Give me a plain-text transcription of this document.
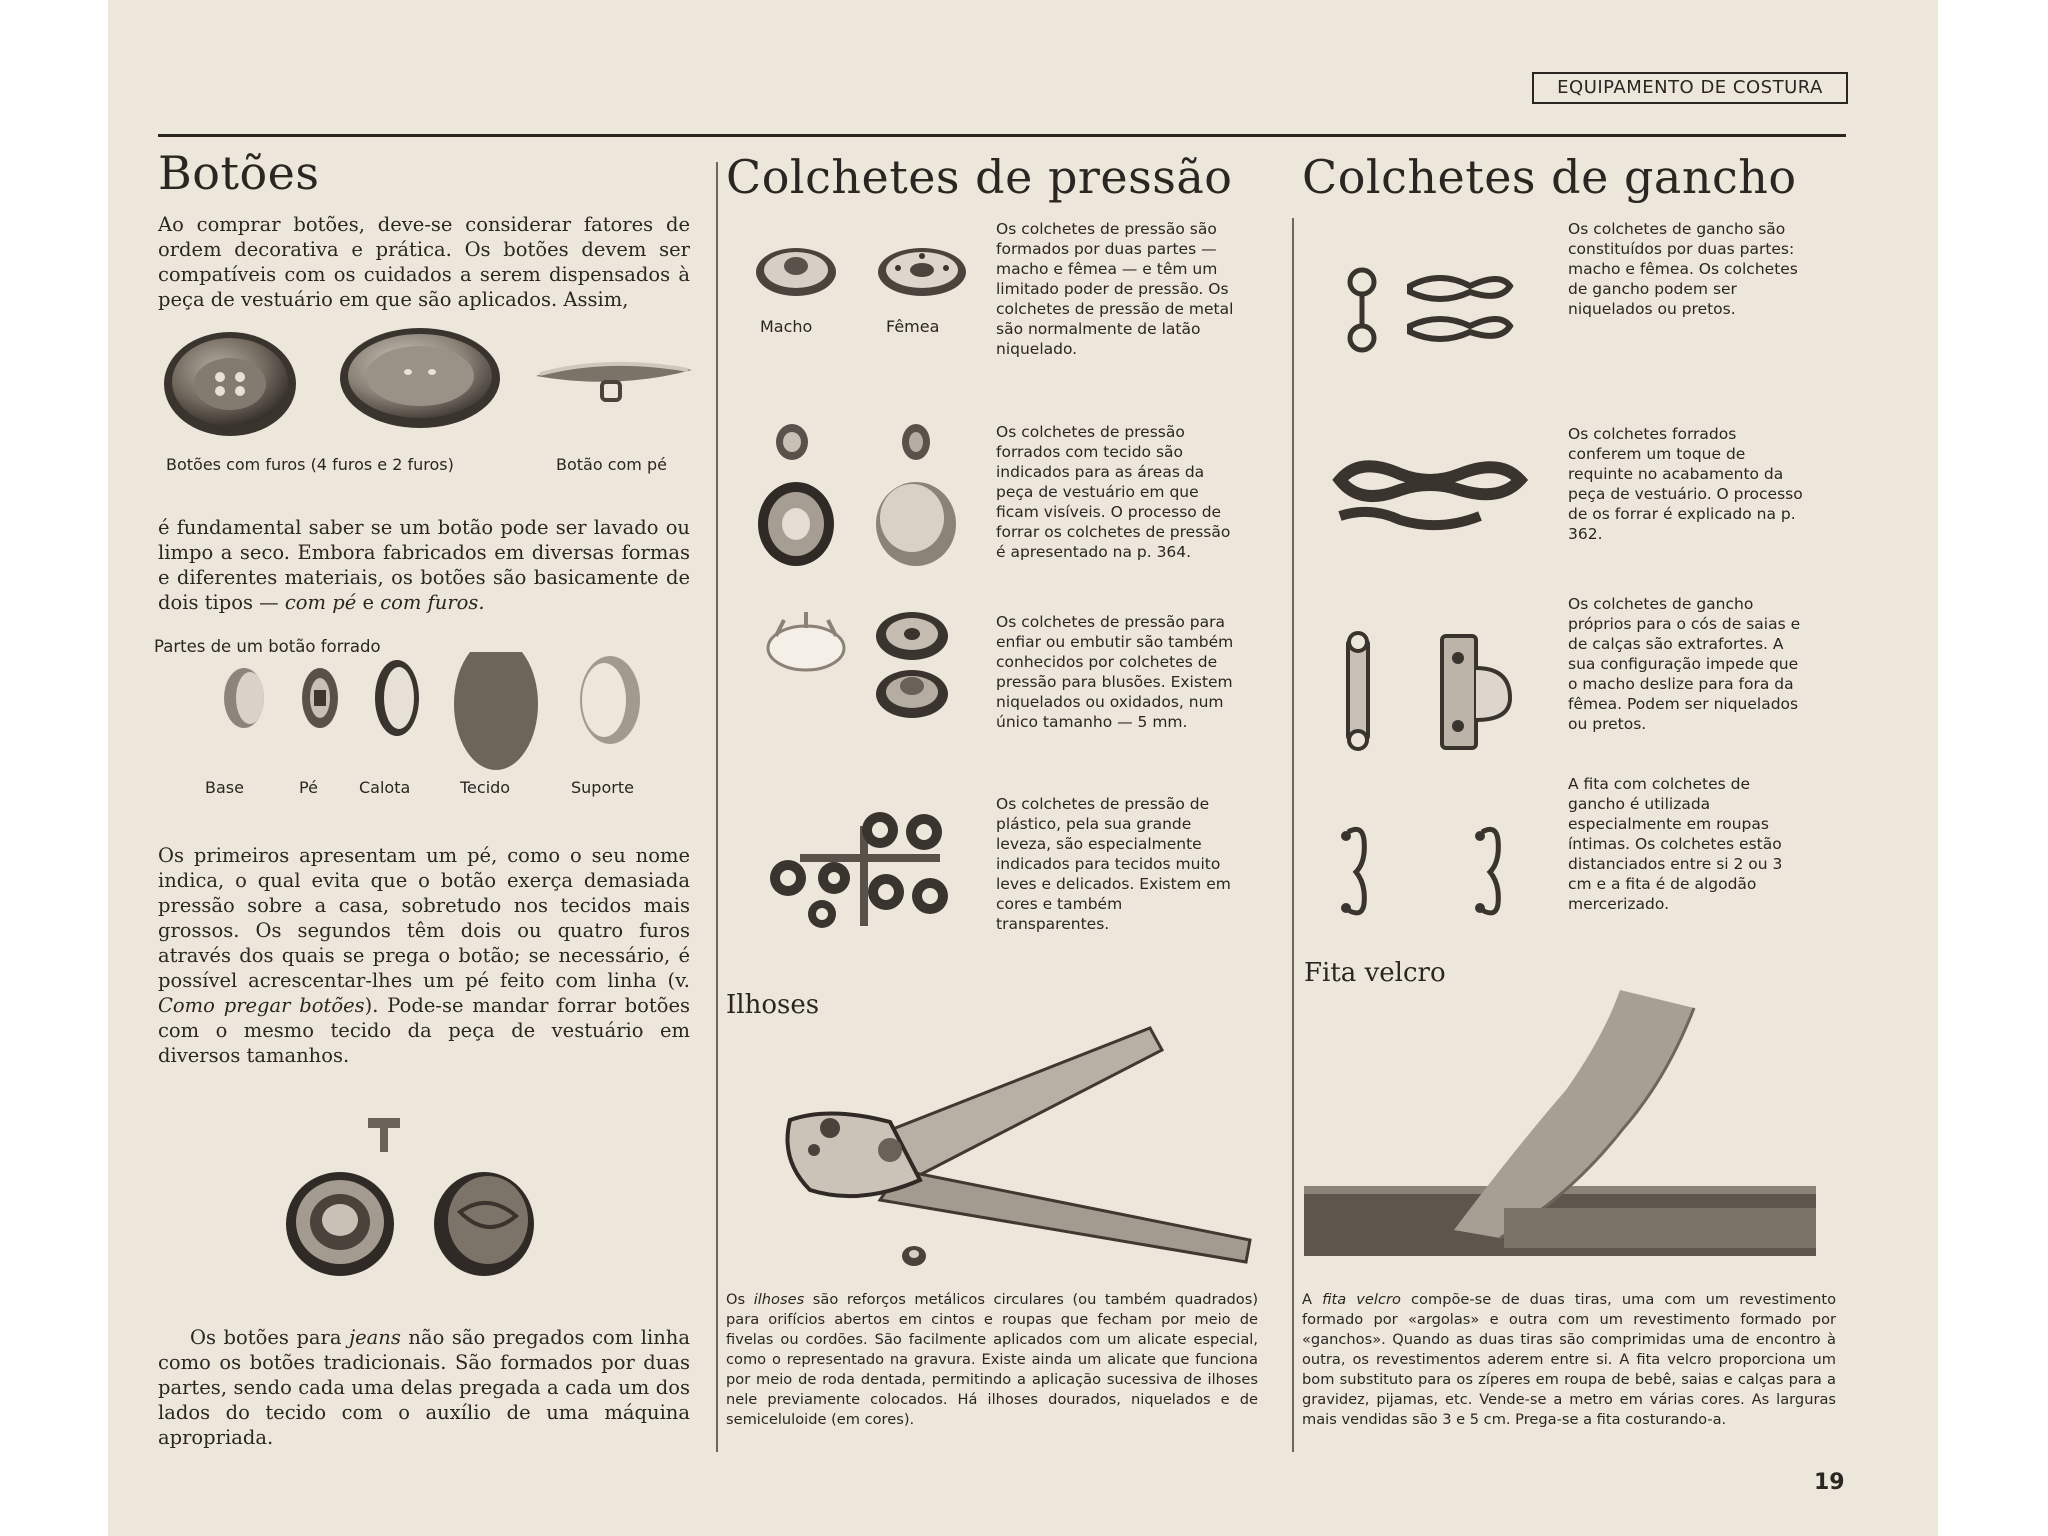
EQUIPAMENTO DE COSTURA
Botões
Ao comprar botões, deve-se considerar fatores de ordem decorativa e prática. Os botões devem ser compatíveis com os cuidados a serem dispensados à peça de vestuário em que são aplicados. Assim,
Botões com furos (4 furos e 2 furos)	Botão com pé
é fundamental saber se um botão pode ser lavado ou limpo a seco. Embora fabricados em diversas formas e diferentes materiais, os botões são basicamente de dois tipos — com pé e com furos.
Partes de um botão forrado
Base	Pé	Calota	Tecido	Suporte
Os primeiros apresentam um pé, como o seu nome indica, o qual evita que o botão exerça demasiada pressão sobre a casa, sobretudo nos tecidos mais grossos. Os segundos têm dois ou quatro furos através dos quais se prega o botão; se necessário, é possível acrescentar-lhes um pé feito com linha (v. Como pregar botões). Pode-se mandar forrar botões com o mesmo tecido da peça de vestuário em diversos tamanhos.
Os botões para jeans não são pregados com linha como os botões tradicionais. São formados por duas partes, sendo cada uma delas pregada a cada um dos lados do tecido com o auxílio de uma máquina apropriada.
Colchetes de pressão
Macho	Fêmea
Os colchetes de pressão são formados por duas partes — macho e fêmea — e têm um limitado poder de pressão. Os colchetes de pressão de metal são normalmente de latão niquelado.
Os colchetes de pressão forrados com tecido são indicados para as áreas da peça de vestuário em que ficam visíveis. O processo de forrar os colchetes de pressão é apresentado na p. 364.
Os colchetes de pressão para enfiar ou embutir são também conhecidos por colchetes de pressão para blusões. Existem niquelados ou oxidados, num único tamanho — 5 mm.
Os colchetes de pressão de plástico, pela sua grande leveza, são especialmente indicados para tecidos muito leves e delicados. Existem em cores e também transparentes.
Ilhoses
Os ilhoses são reforços metálicos circulares (ou também quadrados) para orifícios abertos em cintos e roupas que fecham por meio de fivelas ou cordões. São facilmente aplicados com um alicate especial, como o representado na gravura. Existe ainda um alicate que funciona por meio de roda dentada, permitindo a aplicação sucessiva de ilhoses nele previamente colocados. Há ilhoses dourados, niquelados e de semiceluloide (em cores).
Colchetes de gancho
Os colchetes de gancho são constituídos por duas partes: macho e fêmea. Os colchetes de gancho podem ser niquelados ou pretos.
Os colchetes forrados conferem um toque de requinte no acabamento da peça de vestuário. O processo de os forrar é explicado na p. 362.
Os colchetes de gancho próprios para o cós de saias e de calças são extrafortes. A sua configuração impede que o macho deslize para fora da fêmea. Podem ser niquelados ou pretos.
A fita com colchetes de gancho é utilizada especialmente em roupas íntimas. Os colchetes estão distanciados entre si 2 ou 3 cm e a fita é de algodão mercerizado.
Fita velcro
A fita velcro compõe-se de duas tiras, uma com um revestimento formado por «argolas» e outra com um revestimento formado por «ganchos». Quando as duas tiras são comprimidas uma de encontro à outra, os revestimentos aderem entre si. A fita velcro proporciona um bom substituto para os zíperes em roupa de bebê, saias e calças para a gravidez, pijamas, etc. Vende-se a metro em várias cores. As larguras mais vendidas são 3 e 5 cm. Prega-se a fita costurando-a.
19
